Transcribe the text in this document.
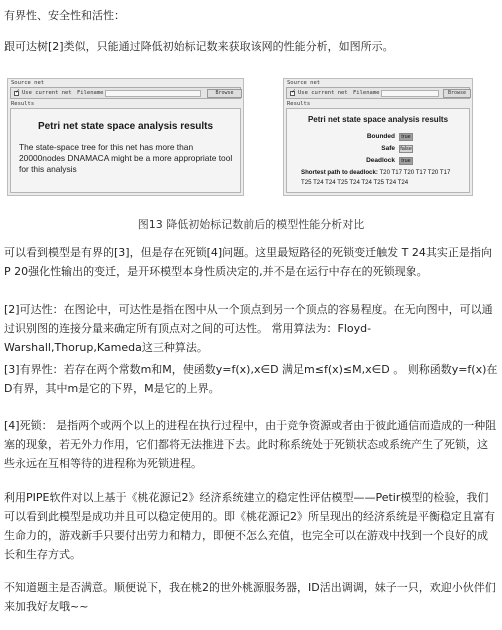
有界性、安全性和活性：
跟可达树[2]类似，只能通过降低初始标记数来获取该网的性能分析，如图所示。
Source net
✓ Use current net Filename	Browse
Results
Petri net state space analysis results
The state-space tree for this net has more than 20000nodes DNAMACA might be a more appropriate tool for this analysis
Source net
✓ Use current net Filename	Browse
Results
Petri net state space analysis results
Bounded	true
Safe false
Deadlock	true
Shortest path to deadlock: T20 T17 T20 T17 T20 T17
T25 T24 T24 T25 T24 T24 T25 T24 T24
图13 降低初始标记数前后的模型性能分析对比
可以看到模型是有界的[3]，但是存在死锁[4]问题。这里最短路径的死锁变迁触发 T 24其实正是指向 P 20强化性输出的变迁，是开环模型本身性质决定的,并不是在运行中存在的死锁现象。
[2]可达性：在图论中，可达性是指在图中从一个顶点到另一个顶点的容易程度。在无向图中，可以通过识别图的连接分量来确定所有顶点对之间的可达性。 常用算法为：Floyd-Warshall,Thorup,Kameda这三种算法。
[3]有界性：若存在两个常数m和M，使函数y=f(x),x∈D 满足m≤f(x)≤M,x∈D 。 则称函数y=f(x)在D有界，其中m是它的下界，M是它的上界。
[4]死锁： 是指两个或两个以上的进程在执行过程中，由于竞争资源或者由于彼此通信而造成的一种阻塞的现象，若无外力作用，它们都将无法推进下去。此时称系统处于死锁状态或系统产生了死锁，这些永远在互相等待的进程称为死锁进程。
利用PIPE软件对以上基于《桃花源记2》经济系统建立的稳定性评估模型——Petir模型的检验，我们可以看到此模型是成功并且可以稳定使用的。即《桃花源记2》所呈现出的经济系统是平衡稳定且富有生命力的，游戏新手只要付出劳力和精力，即便不怎么充值，也完全可以在游戏中找到一个良好的成长和生存方式。
不知道题主是否满意。顺便说下，我在桃2的世外桃源服务器，ID活出调调，妹子一只，欢迎小伙伴们来加我好友哦~~
